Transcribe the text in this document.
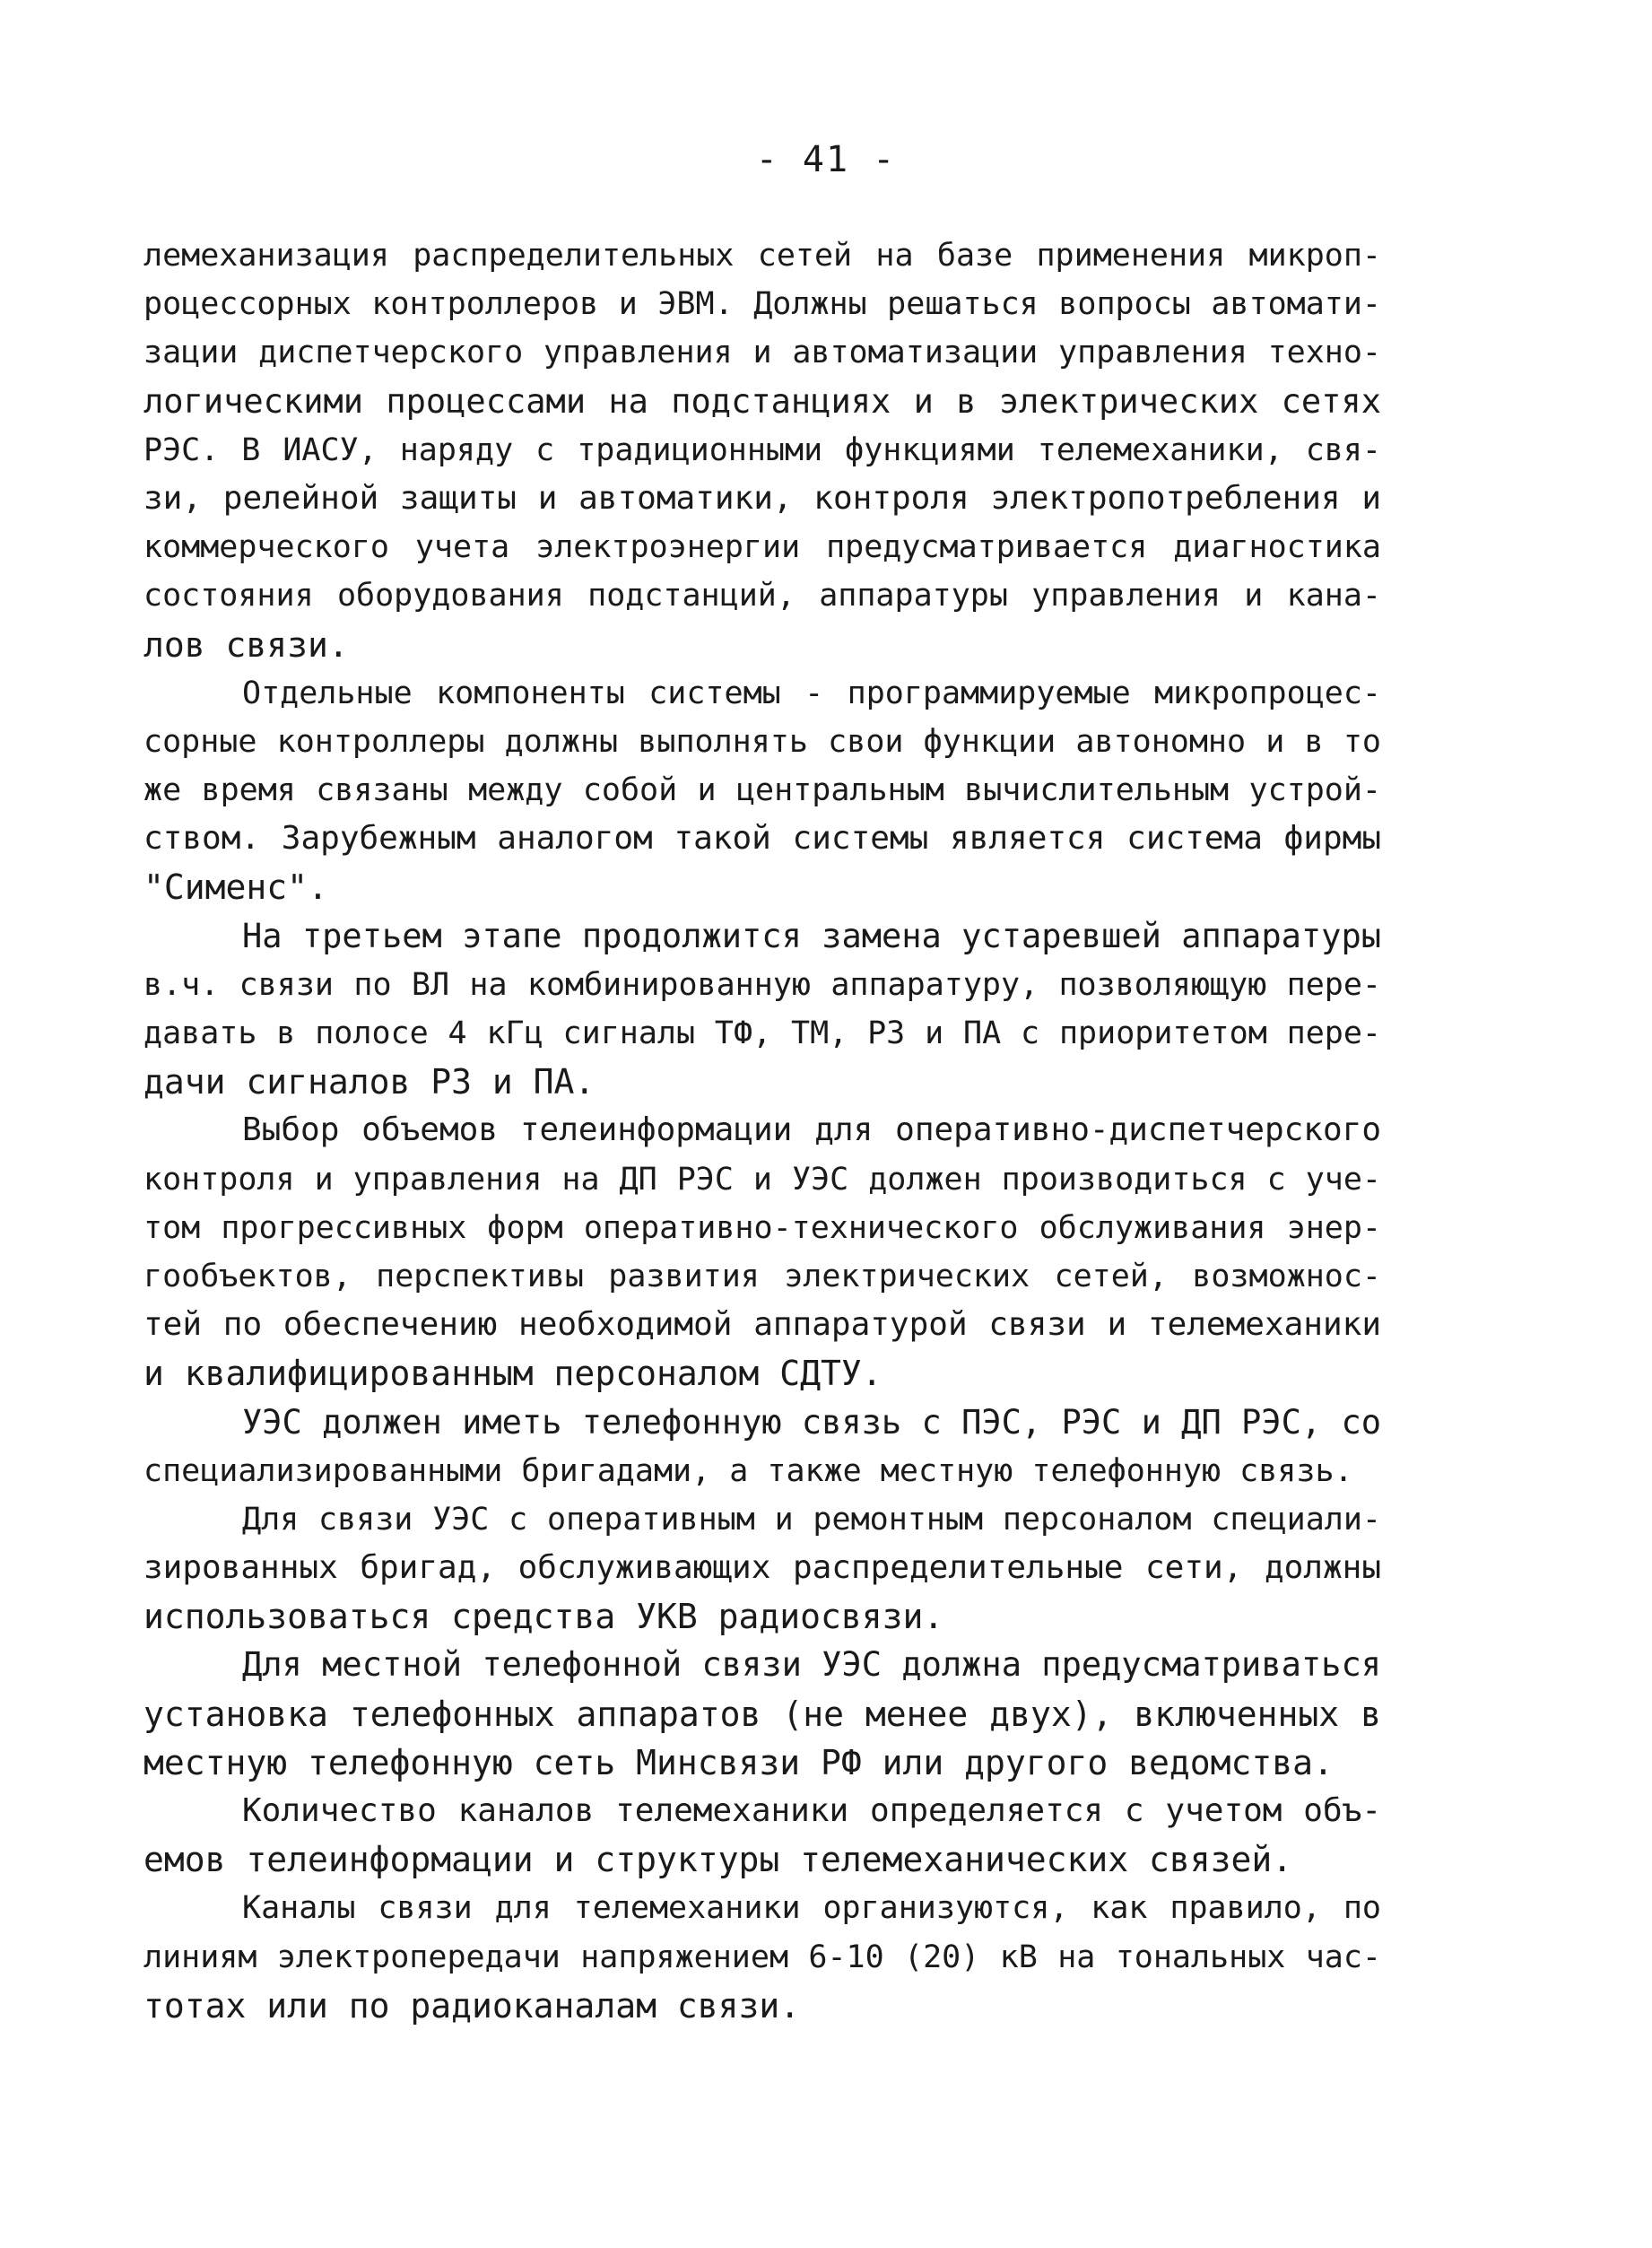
- 41 -
лемеханизация распределительных сетей на базе применения микроп-
роцессорных контроллеров и ЭВМ. Должны решаться вопросы автомати-
зации диспетчерского управления и автоматизации управления техно-
логическими процессами на подстанциях и в электрических сетях
РЭС. В ИАСУ, наряду с традиционными функциями телемеханики, свя-
зи, релейной защиты и автоматики, контроля электропотребления и
коммерческого учета электроэнергии предусматривается диагностика
состояния оборудования подстанций, аппаратуры управления и кана-
лов связи.
Отдельные компоненты системы - программируемые микропроцес-
сорные контроллеры должны выполнять свои функции автономно и в то
же время связаны между собой и центральным вычислительным устрой-
ством. Зарубежным аналогом такой системы является система фирмы
"Сименс".
На третьем этапе продолжится замена устаревшей аппаратуры
в.ч. связи по ВЛ на комбинированную аппаратуру, позволяющую пере-
давать в полосе 4 кГц сигналы ТФ, ТМ, РЗ и ПА с приоритетом пере-
дачи сигналов РЗ и ПА.
Выбор объемов телеинформации для оперативно-диспетчерского
контроля и управления на ДП РЭС и УЭС должен производиться с уче-
том прогрессивных форм оперативно-технического обслуживания энер-
гообъектов, перспективы развития электрических сетей, возможнос-
тей по обеспечению необходимой аппаратурой связи и телемеханики
и квалифицированным персоналом СДТУ.
УЭС должен иметь телефонную связь с ПЭС, РЭС и ДП РЭС, со
специализированными бригадами, а также местную телефонную связь.
Для связи УЭС с оперативным и ремонтным персоналом специали-
зированных бригад, обслуживающих распределительные сети, должны
использоваться средства УКВ радиосвязи.
Для местной телефонной связи УЭС должна предусматриваться
установка телефонных аппаратов (не менее двух), включенных в
местную телефонную сеть Минсвязи РФ или другого ведомства.
Количество каналов телемеханики определяется с учетом объ-
емов телеинформации и структуры телемеханических связей.
Каналы связи для телемеханики организуются, как правило, по
линиям электропередачи напряжением 6-10 (20) кВ на тональных час-
тотах или по радиоканалам связи.
